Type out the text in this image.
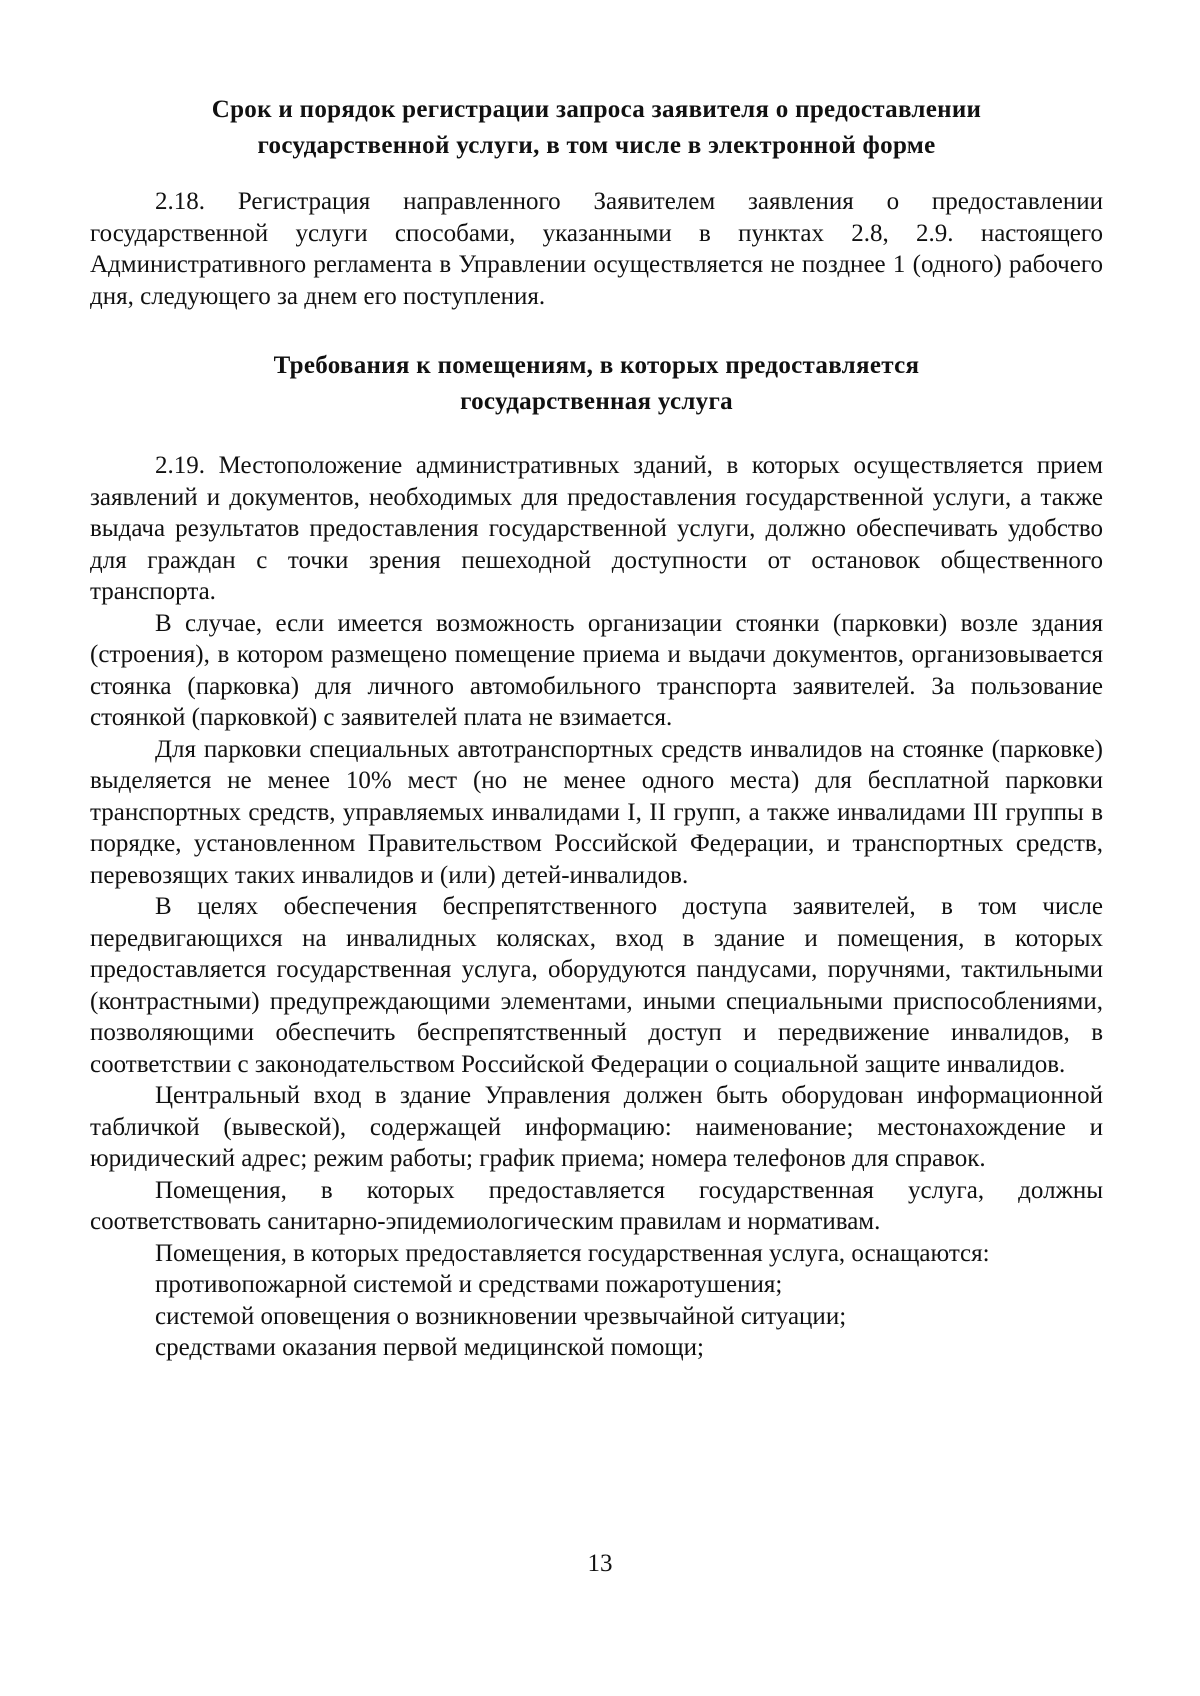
Срок и порядок регистрации запроса заявителя о предоставлении
государственной услуги, в том числе в электронной форме

2.18. Регистрация направленного Заявителем заявления о предоставлении государственной услуги способами, указанными в пунктах 2.8, 2.9. настоящего Административного регламента в Управлении осуществляется не позднее 1 (одного) рабочего дня, следующего за днем его поступления.

Требования к помещениям, в которых предоставляется
государственная услуга

2.19. Местоположение административных зданий, в которых осуществляется прием заявлений и документов, необходимых для предоставления государственной услуги, а также выдача результатов предоставления государственной услуги, должно обеспечивать удобство для граждан с точки зрения пешеходной доступности от остановок общественного транспорта.

В случае, если имеется возможность организации стоянки (парковки) возле здания (строения), в котором размещено помещение приема и выдачи документов, организовывается стоянка (парковка) для личного автомобильного транспорта заявителей. За пользование стоянкой (парковкой) с заявителей плата не взимается.

Для парковки специальных автотранспортных средств инвалидов на стоянке (парковке) выделяется не менее 10% мест (но не менее одного места) для бесплатной парковки транспортных средств, управляемых инвалидами I, II групп, а также инвалидами III группы в порядке, установленном Правительством Российской Федерации, и транспортных средств, перевозящих таких инвалидов и (или) детей-инвалидов.

В целях обеспечения беспрепятственного доступа заявителей, в том числе передвигающихся на инвалидных колясках, вход в здание и помещения, в которых предоставляется государственная услуга, оборудуются пандусами, поручнями, тактильными (контрастными) предупреждающими элементами, иными специальными приспособлениями, позволяющими обеспечить беспрепятственный доступ и передвижение инвалидов, в соответствии с законодательством Российской Федерации о социальной защите инвалидов.

Центральный вход в здание Управления должен быть оборудован информационной табличкой (вывеской), содержащей информацию: наименование; местонахождение и юридический адрес; режим работы; график приема; номера телефонов для справок.

Помещения, в которых предоставляется государственная услуга, должны соответствовать санитарно-эпидемиологическим правилам и нормативам.

Помещения, в которых предоставляется государственная услуга, оснащаются:

противопожарной системой и средствами пожаротушения;

системой оповещения о возникновении чрезвычайной ситуации;

средствами оказания первой медицинской помощи;

13
